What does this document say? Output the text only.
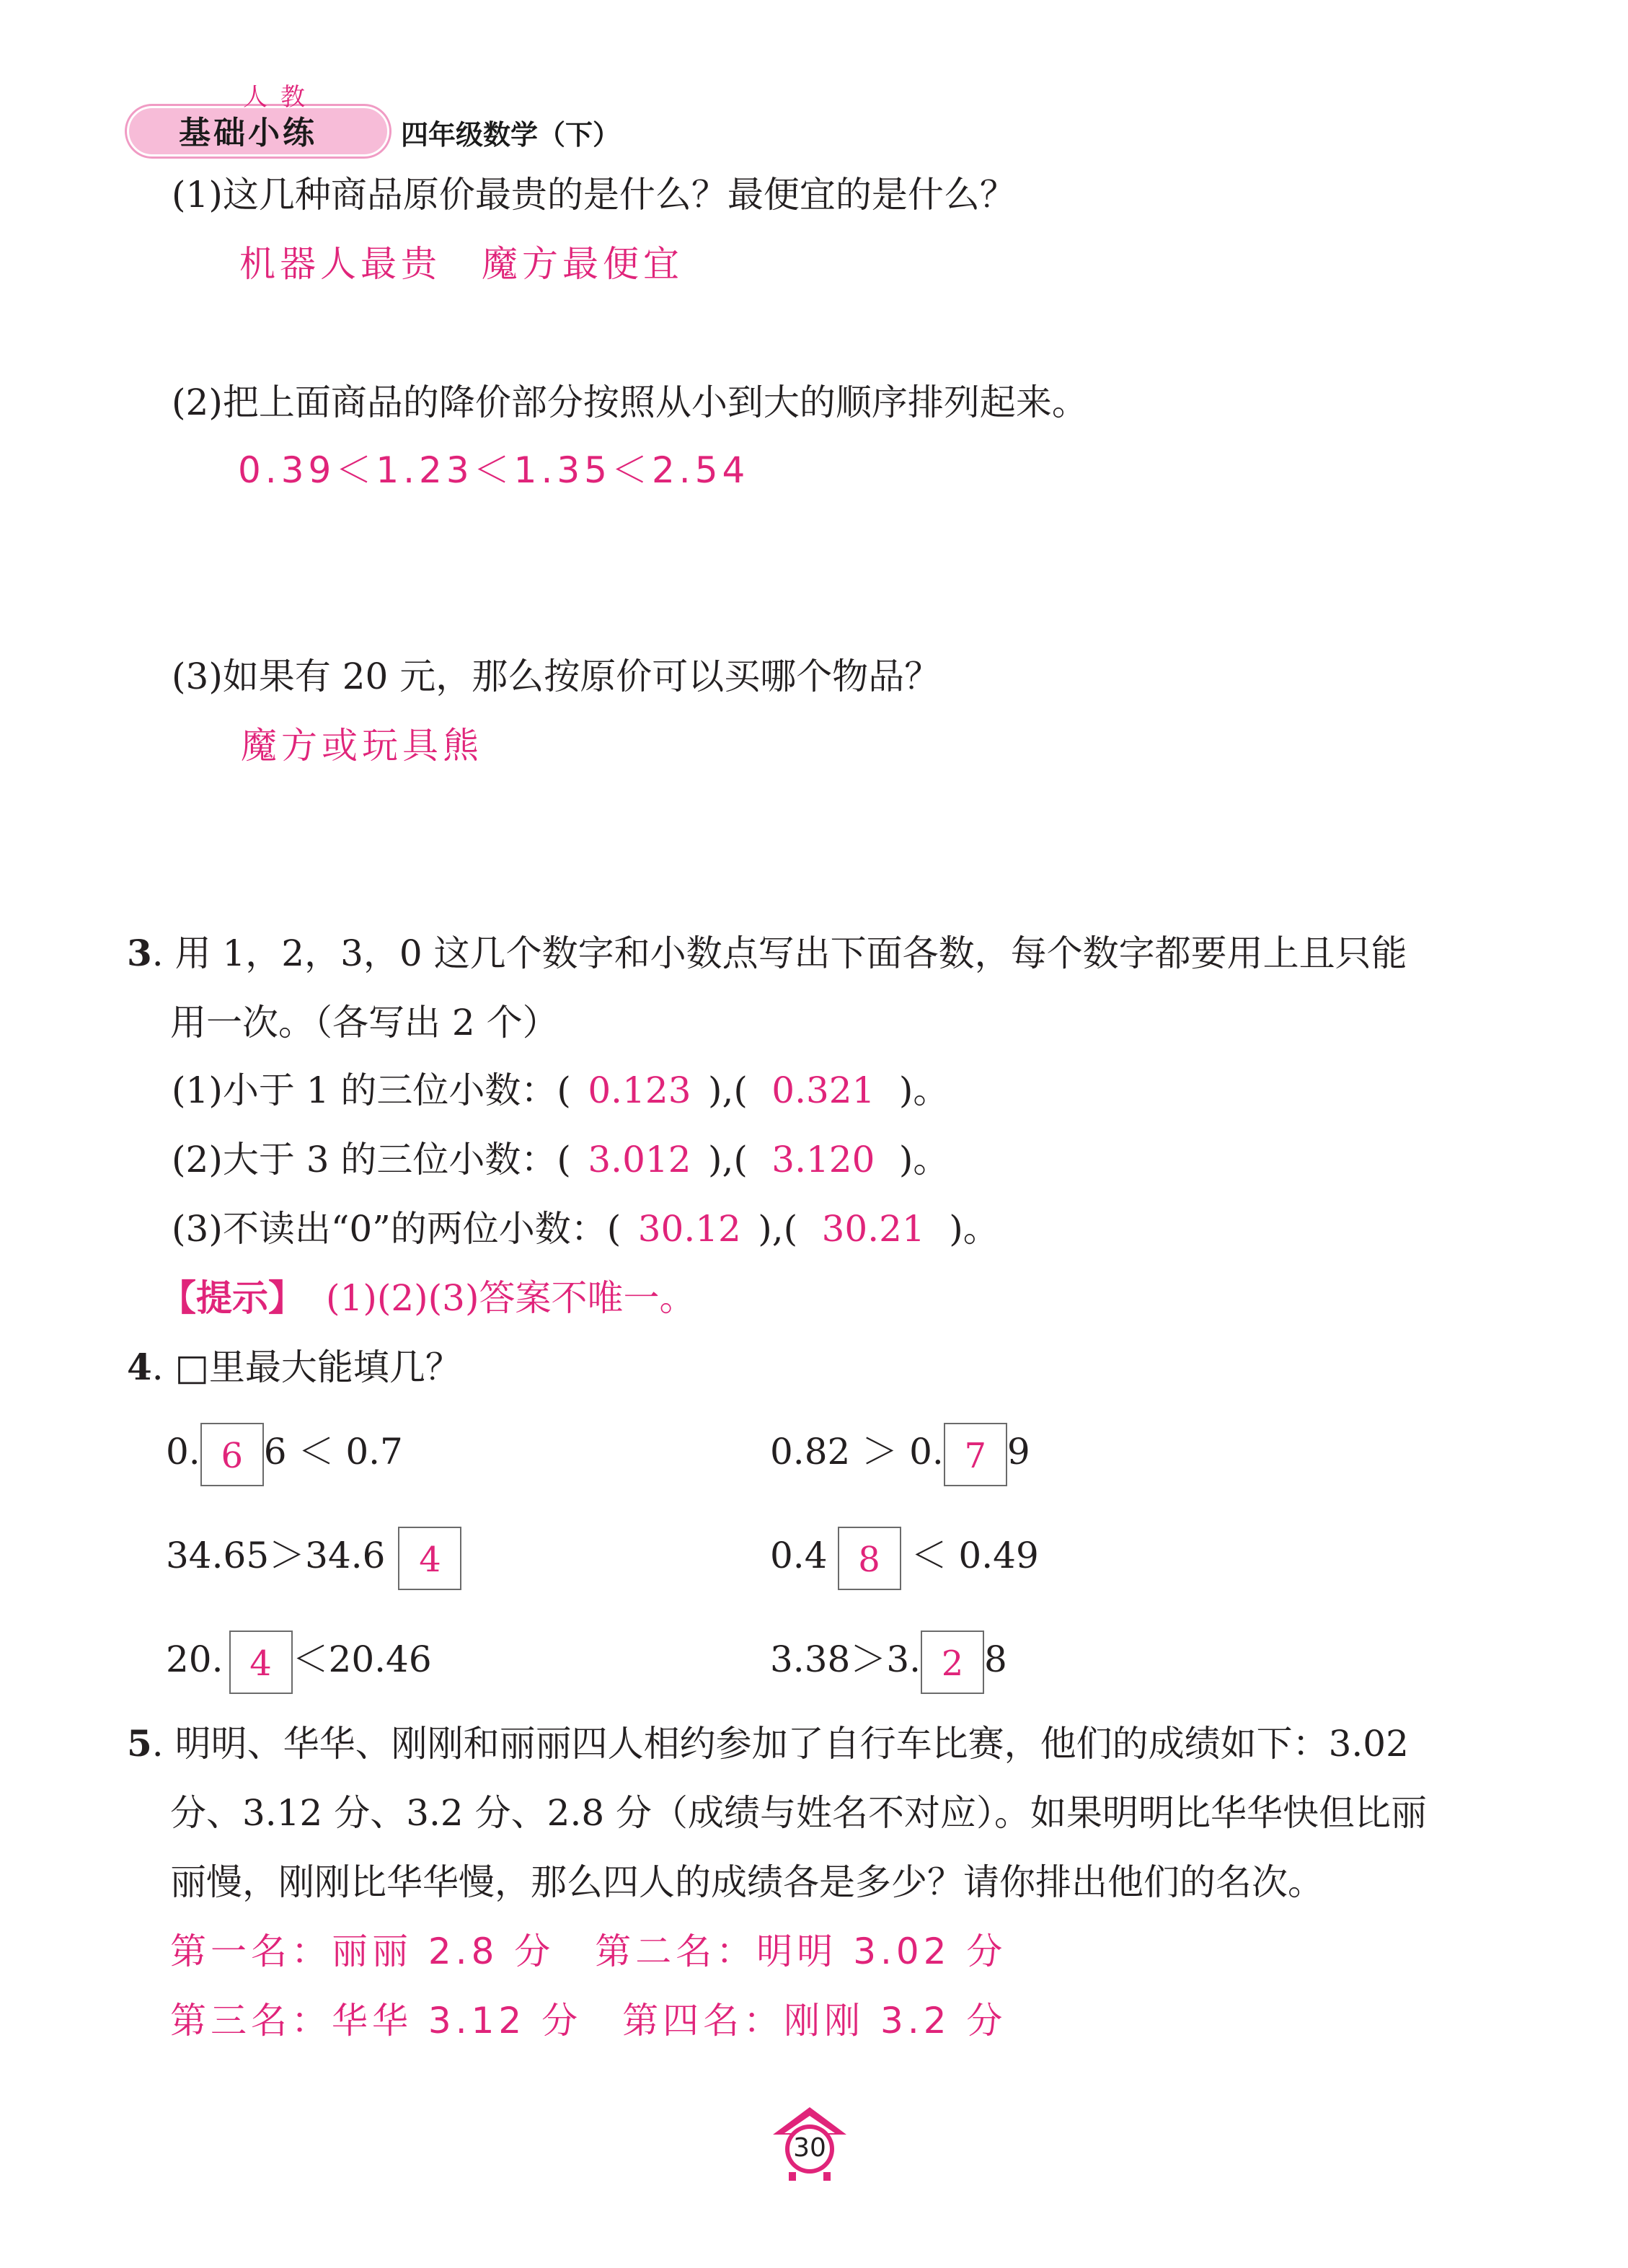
人教
基础小练	四年级数学（下）
(1)这几种商品原价最贵的是什么？最便宜的是什么？
机器人最贵　魔方最便宜
(2)把上面商品的降价部分按照从小到大的顺序排列起来。
0.39＜1.23＜1.35＜2.54
(3)如果有 20 元，那么按原价可以买哪个物品？
魔方或玩具熊
3. 用 1，2，3，0 这几个数字和小数点写出下面各数，每个数字都要用上且只能
用一次。（各写出 2 个）
(1)小于 1 的三位小数：( 0.123 ),( 0.321 )。
(2)大于 3 的三位小数：( 3.012 ),( 3.120 )。
(3)不读出“0”的两位小数：( 30.12 ),( 30.21 )。
【提示】 (1)(2)(3)答案不唯一。
4. □里最大能填几？
0. 6 6 ＜ 0.7	0.82 ＞ 0. 7 9
34.65＞34.6 4	0.4 8 ＜ 0.49
20. 4 ＜20.46	3.38＞3. 2 8
5. 明明、华华、刚刚和丽丽四人相约参加了自行车比赛，他们的成绩如下：3.02
分、3.12 分、3.2 分、2.8 分（成绩与姓名不对应）。如果明明比华华快但比丽
丽慢，刚刚比华华慢，那么四人的成绩各是多少？请你排出他们的名次。
第一名：丽丽 2.8 分　第二名：明明 3.02 分
第三名：华华 3.12 分　第四名：刚刚 3.2 分
30
